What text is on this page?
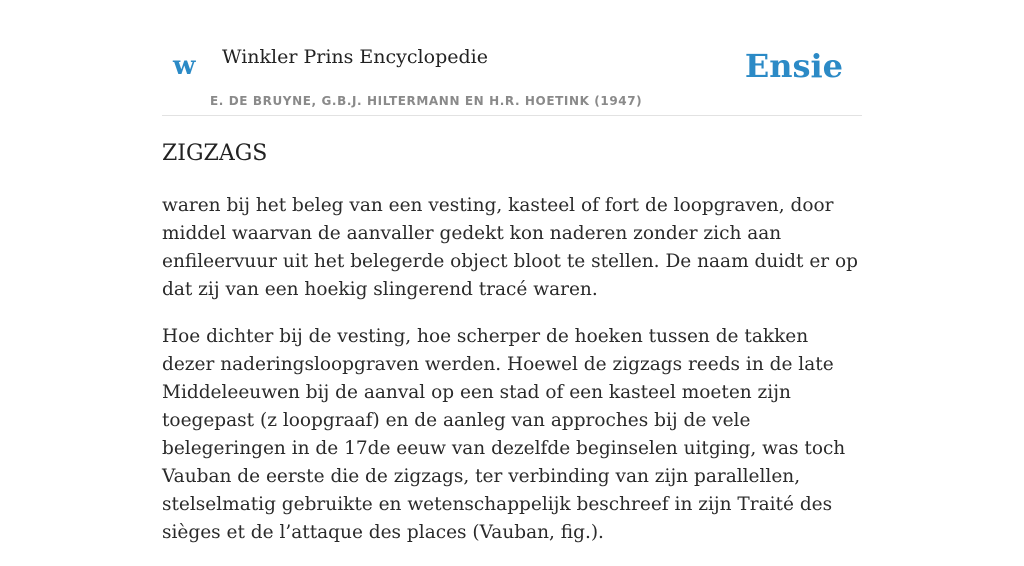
w Winkler Prins Encyclopedie
E. DE BRUYNE, G.B.J. HILTERMANN EN H.R. HOETINK (1947)
Ensie
ZIGZAGS

waren bij het beleg van een vesting, kasteel of fort de loopgraven, door middel waarvan de aanvaller gedekt kon naderen zonder zich aan enfileervuur uit het belegerde object bloot te stellen. De naam duidt er op dat zij van een hoekig slingerend tracé waren.

Hoe dichter bij de vesting, hoe scherper de hoeken tussen de takken dezer naderingsloopgraven werden. Hoewel de zigzags reeds in de late Middeleeuwen bij de aanval op een stad of een kasteel moeten zijn toegepast (z loopgraaf) en de aanleg van approches bij de vele belegeringen in de 17de eeuw van dezelfde beginselen uitging, was toch Vauban de eerste die de zigzags, ter verbinding van zijn parallellen, stelselmatig gebruikte en wetenschappelijk beschreef in zijn Traité des sièges et de l’attaque des places (Vauban, fig.).
